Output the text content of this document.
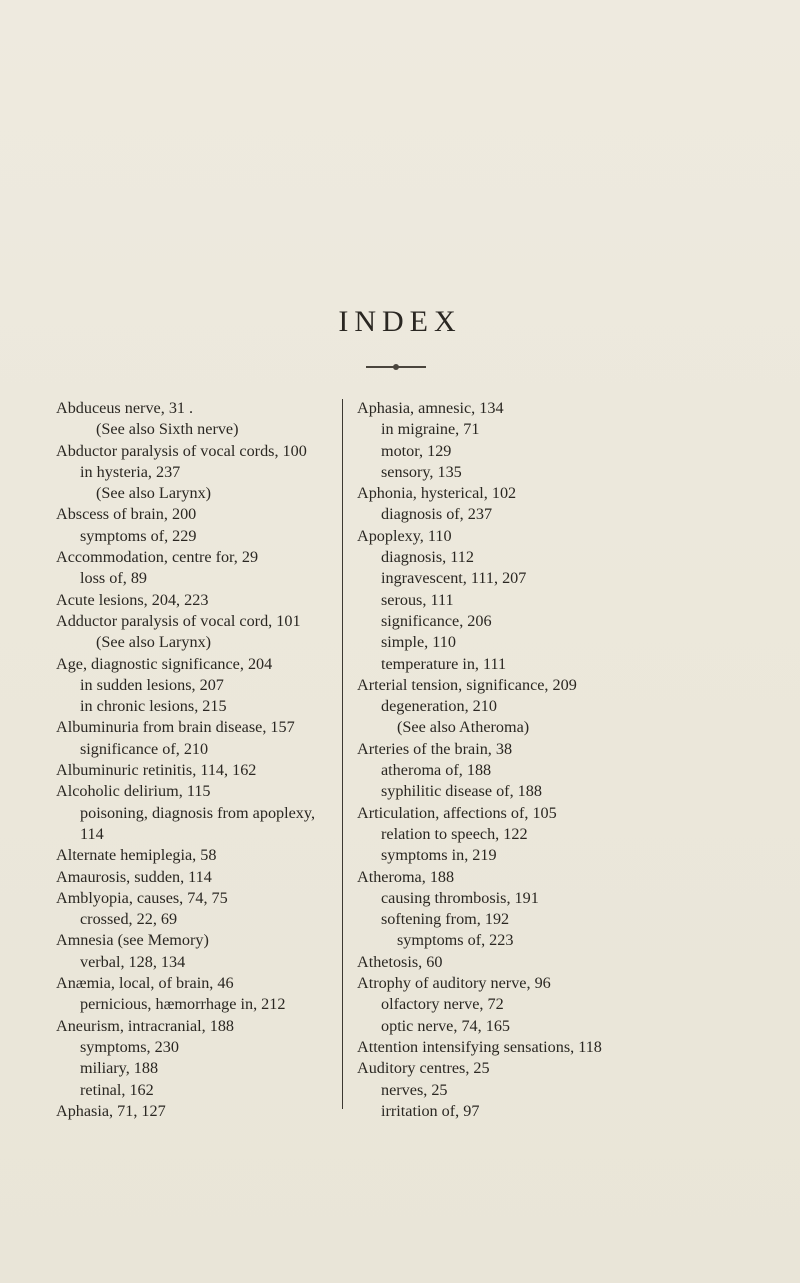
INDEX
Abduceus nerve, 31 .
(See also Sixth nerve)
Abductor paralysis of vocal cords, 100
in hysteria, 237
(See also Larynx)
Abscess of brain, 200
symptoms of, 229
Accommodation, centre for, 29
loss of, 89
Acute lesions, 204, 223
Adductor paralysis of vocal cord, 101
(See also Larynx)
Age, diagnostic significance, 204
in sudden lesions, 207
in chronic lesions, 215
Albuminuria from brain disease, 157
significance of, 210
Albuminuric retinitis, 114, 162
Alcoholic delirium, 115
poisoning, diagnosis from apoplexy,
114
Alternate hemiplegia, 58
Amaurosis, sudden, 114
Amblyopia, causes, 74, 75
crossed, 22, 69
Amnesia (see Memory)
verbal, 128, 134
Anæmia, local, of brain, 46
pernicious, hæmorrhage in, 212
Aneurism, intracranial, 188
symptoms, 230
miliary, 188
retinal, 162
Aphasia, 71, 127
Aphasia, amnesic, 134
in migraine, 71
motor, 129
sensory, 135
Aphonia, hysterical, 102
diagnosis of, 237
Apoplexy, 110
diagnosis, 112
ingravescent, 111, 207
serous, 111
significance, 206
simple, 110
temperature in, 111
Arterial tension, significance, 209
degeneration, 210
(See also Atheroma)
Arteries of the brain, 38
atheroma of, 188
syphilitic disease of, 188
Articulation, affections of, 105
relation to speech, 122
symptoms in, 219
Atheroma, 188
causing thrombosis, 191
softening from, 192
symptoms of, 223
Athetosis, 60
Atrophy of auditory nerve, 96
olfactory nerve, 72
optic nerve, 74, 165
Attention intensifying sensations, 118
Auditory centres, 25
nerves, 25
irritation of, 97
